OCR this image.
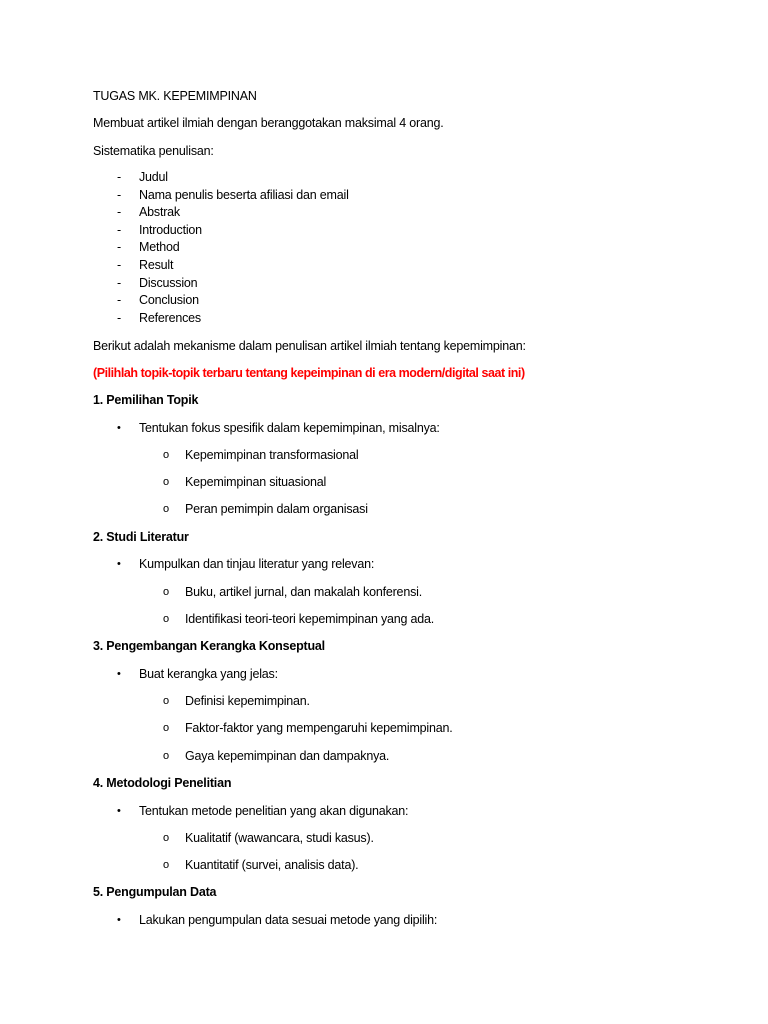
TUGAS MK. KEPEMIMPINAN
Membuat artikel ilmiah dengan beranggotakan maksimal 4 orang.
Sistematika penulisan:
- Judul
- Nama penulis beserta afiliasi dan email
- Abstrak
- Introduction
- Method
- Result
- Discussion
- Conclusion
- References
Berikut adalah mekanisme dalam penulisan artikel ilmiah tentang kepemimpinan:
(Pilihlah topik-topik terbaru tentang kepeimpinan di era modern/digital saat ini)
1. Pemilihan Topik
• Tentukan fokus spesifik dalam kepemimpinan, misalnya:
o Kepemimpinan transformasional
o Kepemimpinan situasional
o Peran pemimpin dalam organisasi
2. Studi Literatur
• Kumpulkan dan tinjau literatur yang relevan:
o Buku, artikel jurnal, dan makalah konferensi.
o Identifikasi teori-teori kepemimpinan yang ada.
3. Pengembangan Kerangka Konseptual
• Buat kerangka yang jelas:
o Definisi kepemimpinan.
o Faktor-faktor yang mempengaruhi kepemimpinan.
o Gaya kepemimpinan dan dampaknya.
4. Metodologi Penelitian
• Tentukan metode penelitian yang akan digunakan:
o Kualitatif (wawancara, studi kasus).
o Kuantitatif (survei, analisis data).
5. Pengumpulan Data
• Lakukan pengumpulan data sesuai metode yang dipilih:
